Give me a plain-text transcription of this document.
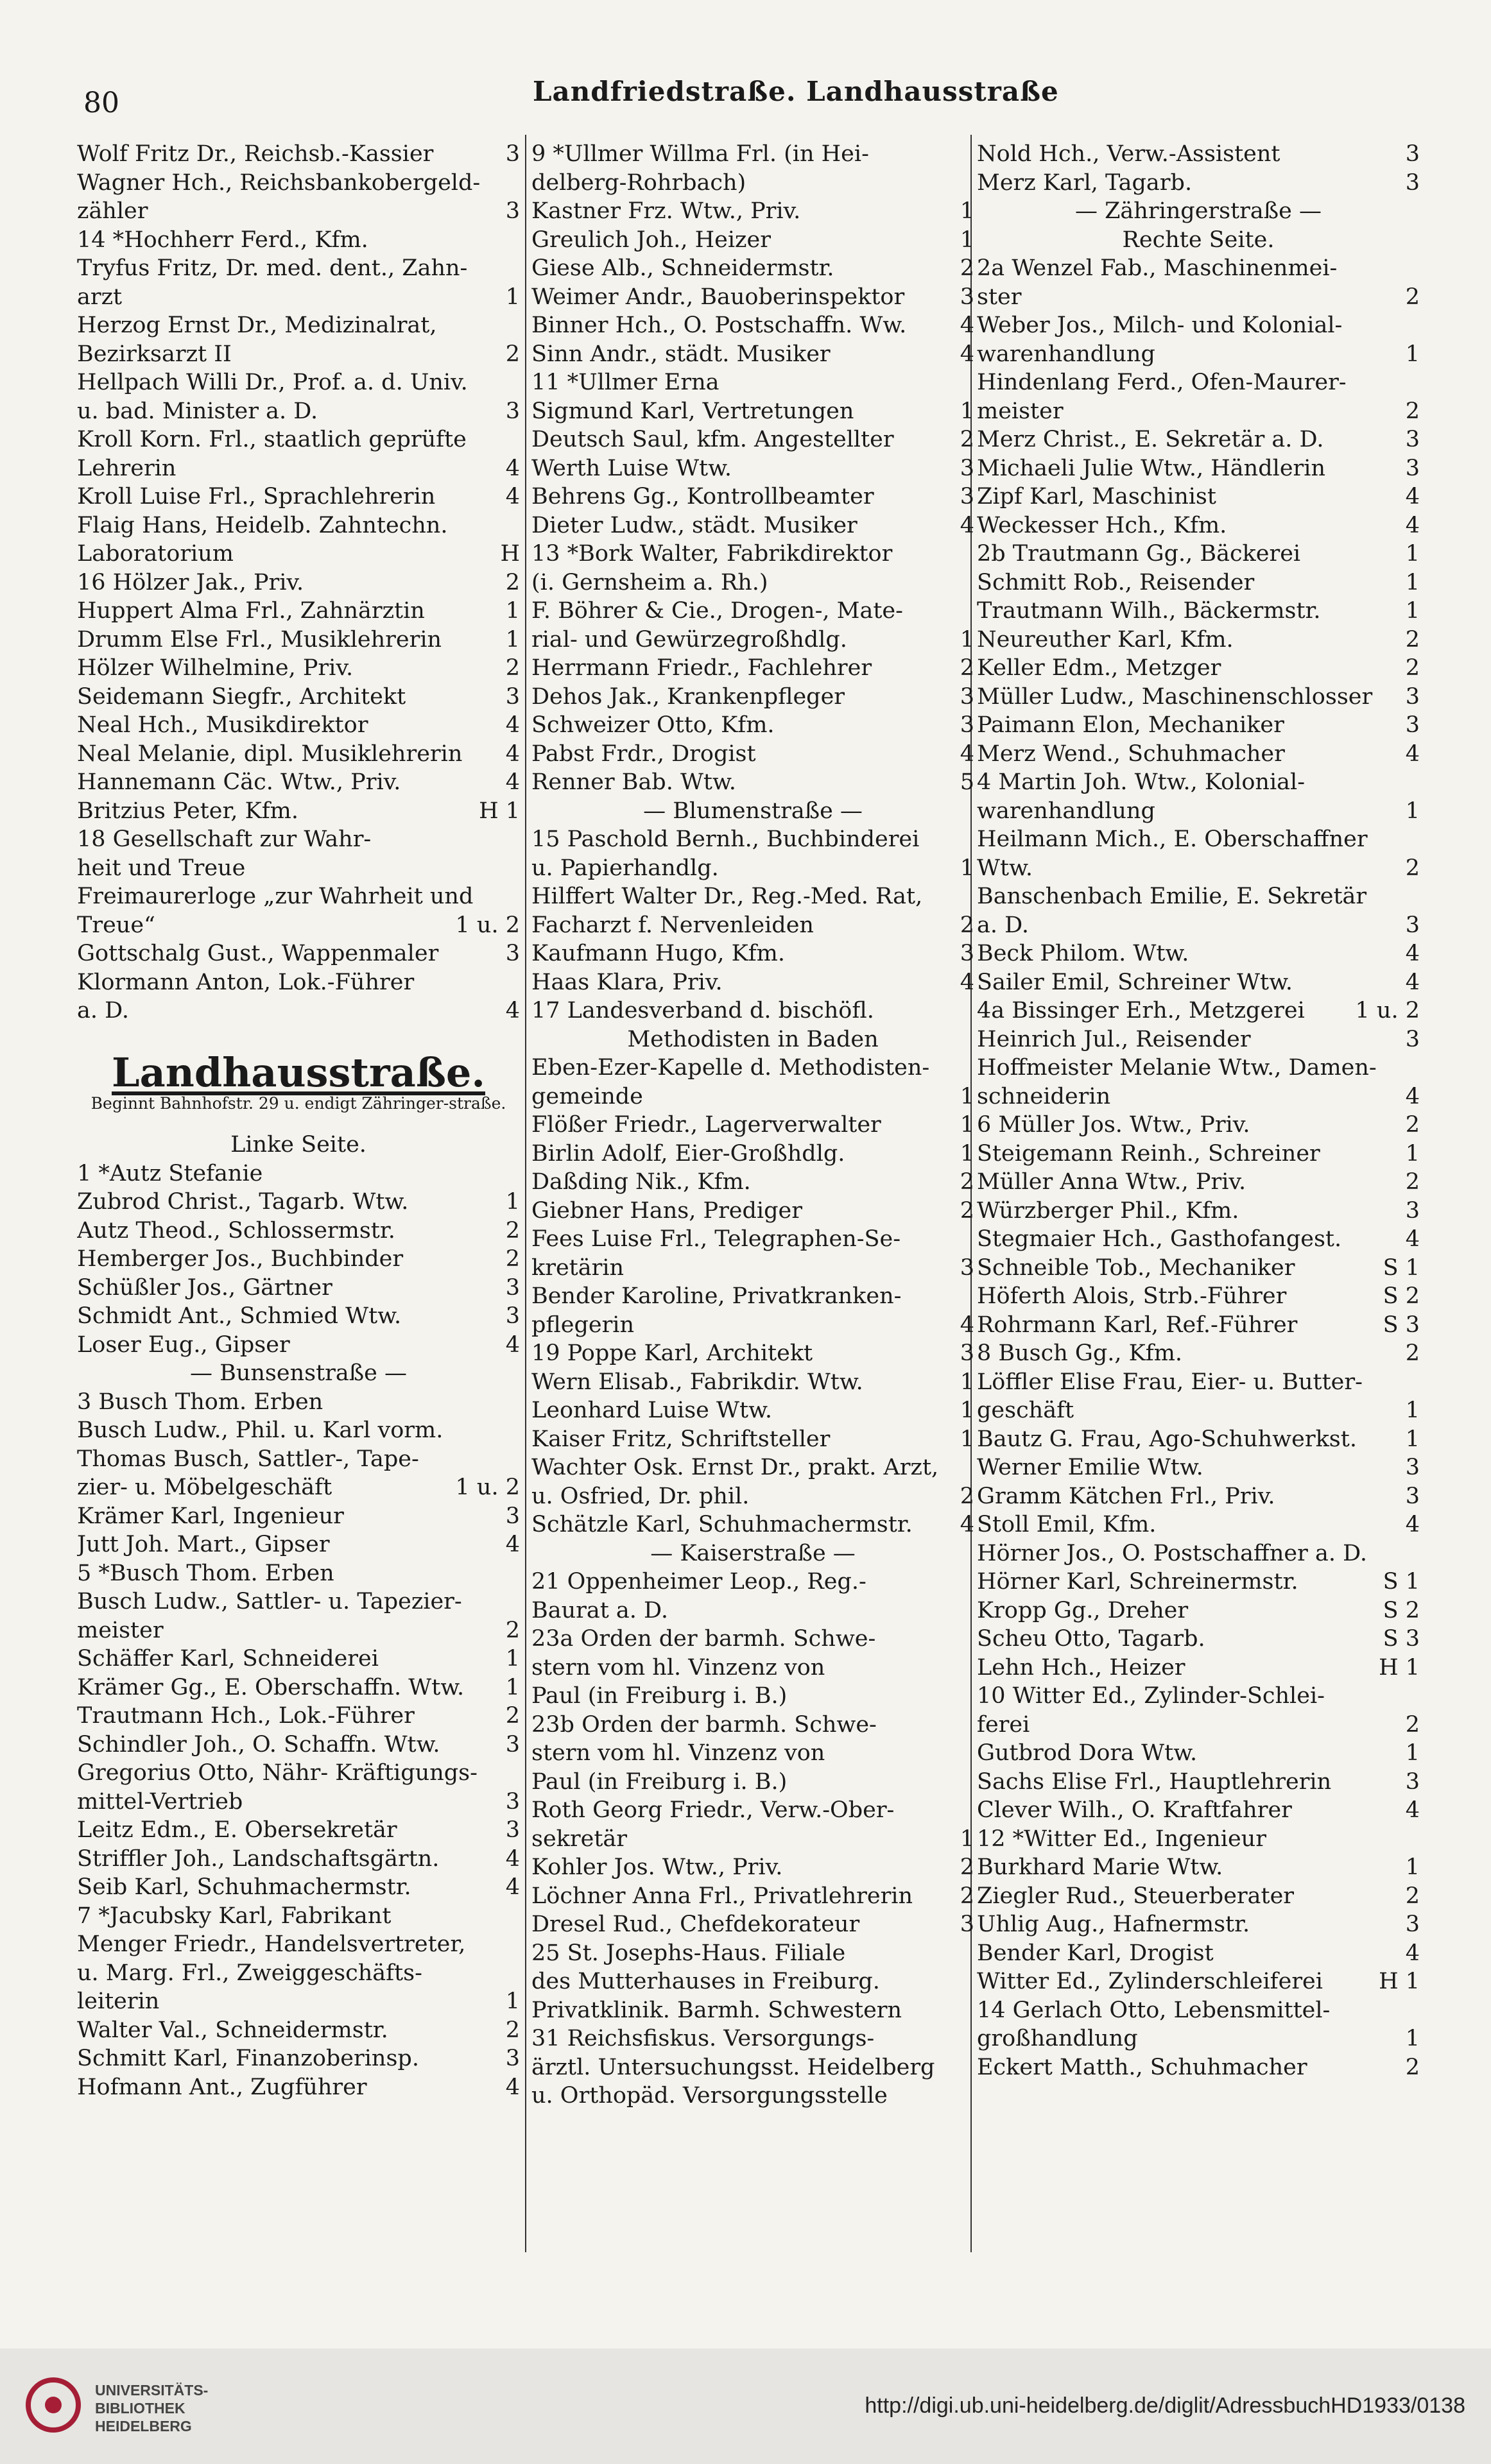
80	Landfriedstraße. Landhausstraße
Wolf Fritz Dr., Reichsb.-Kassier	3
Wagner Hch., Reichsbankobergeld-
zähler	3
14 *Hochherr Ferd., Kfm.
Tryfus Fritz, Dr. med. dent., Zahn-
arzt	1
Herzog Ernst Dr., Medizinalrat,
Bezirksarzt II	2
Hellpach Willi Dr., Prof. a. d. Univ.
u. bad. Minister a. D.	3
Kroll Korn. Frl., staatlich geprüfte
Lehrerin	4
Kroll Luise Frl., Sprachlehrerin	4
Flaig Hans, Heidelb. Zahntechn.
Laboratorium	H
16 Hölzer Jak., Priv.	2
Huppert Alma Frl., Zahnärztin	1
Drumm Else Frl., Musiklehrerin	1
Hölzer Wilhelmine, Priv.	2
Seidemann Siegfr., Architekt	3
Neal Hch., Musikdirektor	4
Neal Melanie, dipl. Musiklehrerin 4
Hannemann Cäc. Wtw., Priv.	4
Britzius Peter, Kfm.	H 1
18 Gesellschaft zur Wahr-
heit und Treue
Freimaurerloge „zur Wahrheit und
Treue“	1 u. 2
Gottschalg Gust., Wappenmaler	3
Klormann Anton, Lok.-Führer
a. D.	4
Landhausstraße.
Beginnt Bahnhofstr. 29 u. endigt Zähringer-straße.
Linke Seite.
1 *Autz Stefanie
Zubrod Christ., Tagarb. Wtw.	1
Autz Theod., Schlossermstr.	2
Hemberger Jos., Buchbinder	2
Schüßler Jos., Gärtner	3
Schmidt Ant., Schmied Wtw.	3
Loser Eug., Gipser	4
— Bunsenstraße —
3 Busch Thom. Erben
Busch Ludw., Phil. u. Karl vorm.
Thomas Busch, Sattler-, Tape-
zier- u. Möbelgeschäft	1 u. 2
Krämer Karl, Ingenieur	3
Jutt Joh. Mart., Gipser	4
5 *Busch Thom. Erben
Busch Ludw., Sattler- u. Tapezier-
meister	2
Schäffer Karl, Schneiderei	1
Krämer Gg., E. Oberschaffn. Wtw. 1
Trautmann Hch., Lok.-Führer	2
Schindler Joh., O. Schaffn. Wtw.	3
Gregorius Otto, Nähr- Kräftigungs-
mittel-Vertrieb	3
Leitz Edm., E. Obersekretär	3
Striffler Joh., Landschaftsgärtn.	4
Seib Karl, Schuhmachermstr.	4
7 *Jacubsky Karl, Fabrikant
Menger Friedr., Handelsvertreter,
u. Marg. Frl., Zweiggeschäfts-
leiterin	1
Walter Val., Schneidermstr.	2
Schmitt Karl, Finanzoberinsp.	3
Hofmann Ant., Zugführer	4
9 *Ullmer Willma Frl. (in Hei-
delberg-Rohrbach)
Kastner Frz. Wtw., Priv.	1
Greulich Joh., Heizer	1
Giese Alb., Schneidermstr.	2
Weimer Andr., Bauoberinspektor 3
Binner Hch., O. Postschaffn. Ww. 4
Sinn Andr., städt. Musiker	4
11 *Ullmer Erna
Sigmund Karl, Vertretungen	1
Deutsch Saul, kfm. Angestellter	2
Werth Luise Wtw.	3
Behrens Gg., Kontrollbeamter	3
Dieter Ludw., städt. Musiker	4
13 *Bork Walter, Fabrikdirektor
(i. Gernsheim a. Rh.)
F. Böhrer & Cie., Drogen-, Mate-
rial- und Gewürzegroßhdlg.	1
Herrmann Friedr., Fachlehrer	2
Dehos Jak., Krankenpfleger	3
Schweizer Otto, Kfm.	3
Pabst Frdr., Drogist	4
Renner Bab. Wtw.	5
— Blumenstraße —
15 Paschold Bernh., Buchbinderei
u. Papierhandlg.	1
Hilffert Walter Dr., Reg.-Med. Rat,
Facharzt f. Nervenleiden	2
Kaufmann Hugo, Kfm.	3
Haas Klara, Priv.	4
17 Landesverband d. bischöfl.
Methodisten in Baden
Eben-Ezer-Kapelle d. Methodisten-
gemeinde	1
Flößer Friedr., Lagerverwalter	1
Birlin Adolf, Eier-Großhdlg.	1
Daßding Nik., Kfm.	2
Giebner Hans, Prediger	2
Fees Luise Frl., Telegraphen-Se-
kretärin	3
Bender Karoline, Privatkranken-
pflegerin	4
19 Poppe Karl, Architekt	3
Wern Elisab., Fabrikdir. Wtw.	1
Leonhard Luise Wtw.	1
Kaiser Fritz, Schriftsteller	1
Wachter Osk. Ernst Dr., prakt. Arzt,
u. Osfried, Dr. phil.	2
Schätzle Karl, Schuhmachermstr. 4
— Kaiserstraße —
21 Oppenheimer Leop., Reg.-
Baurat a. D.
23a Orden der barmh. Schwe-
stern vom hl. Vinzenz von
Paul (in Freiburg i. B.)
23b Orden der barmh. Schwe-
stern vom hl. Vinzenz von
Paul (in Freiburg i. B.)
Roth Georg Friedr., Verw.-Ober-
sekretär	1
Kohler Jos. Wtw., Priv.	2
Löchner Anna Frl., Privatlehrerin 2
Dresel Rud., Chefdekorateur	3
25 St. Josephs-Haus. Filiale
des Mutterhauses in Freiburg.
Privatklinik. Barmh. Schwestern
31 Reichsfiskus. Versorgungs-
ärztl. Untersuchungsst. Heidelberg
u. Orthopäd. Versorgungsstelle
Nold Hch., Verw.-Assistent	3
Merz Karl, Tagarb.	3
— Zähringerstraße —
Rechte Seite.
2a Wenzel Fab., Maschinenmei-
ster	2
Weber Jos., Milch- und Kolonial-
warenhandlung	1
Hindenlang Ferd., Ofen-Maurer-
meister	2
Merz Christ., E. Sekretär a. D.	3
Michaeli Julie Wtw., Händlerin	3
Zipf Karl, Maschinist	4
Weckesser Hch., Kfm.	4
2b Trautmann Gg., Bäckerei	1
Schmitt Rob., Reisender	1
Trautmann Wilh., Bäckermstr.	1
Neureuther Karl, Kfm.	2
Keller Edm., Metzger	2
Müller Ludw., Maschinenschlosser 3
Paimann Elon, Mechaniker	3
Merz Wend., Schuhmacher	4
4 Martin Joh. Wtw., Kolonial-
warenhandlung	1
Heilmann Mich., E. Oberschaffner
Wtw.	2
Banschenbach Emilie, E. Sekretär
a. D.	3
Beck Philom. Wtw.	4
Sailer Emil, Schreiner Wtw.	4
4a Bissinger Erh., Metzgerei 1 u. 2
Heinrich Jul., Reisender	3
Hoffmeister Melanie Wtw., Damen-
schneiderin	4
6 Müller Jos. Wtw., Priv.	2
Steigemann Reinh., Schreiner	1
Müller Anna Wtw., Priv.	2
Würzberger Phil., Kfm.	3
Stegmaier Hch., Gasthofangest.	4
Schneible Tob., Mechaniker	S 1
Höferth Alois, Strb.-Führer	S 2
Rohrmann Karl, Ref.-Führer	S 3
8 Busch Gg., Kfm.	2
Löffler Elise Frau, Eier- u. Butter-
geschäft	1
Bautz G. Frau, Ago-Schuhwerkst. 1
Werner Emilie Wtw.	3
Gramm Kätchen Frl., Priv.	3
Stoll Emil, Kfm.	4
Hörner Jos., O. Postschaffner a. D.
Hörner Karl, Schreinermstr.	S 1
Kropp Gg., Dreher	S 2
Scheu Otto, Tagarb.	S 3
Lehn Hch., Heizer	H 1
10 Witter Ed., Zylinder-Schlei-
ferei	2
Gutbrod Dora Wtw.	1
Sachs Elise Frl., Hauptlehrerin	3
Clever Wilh., O. Kraftfahrer	4
12 *Witter Ed., Ingenieur
Burkhard Marie Wtw.	1
Ziegler Rud., Steuerberater	2
Uhlig Aug., Hafnermstr.	3
Bender Karl, Drogist	4
Witter Ed., Zylinderschleiferei H 1
14 Gerlach Otto, Lebensmittel-
großhandlung	1
Eckert Matth., Schuhmacher	2
UNIVERSITÄTS-
BIBLIOTHEK
HEIDELBERG
http://digi.ub.uni-heidelberg.de/diglit/AdressbuchHD1933/0138
